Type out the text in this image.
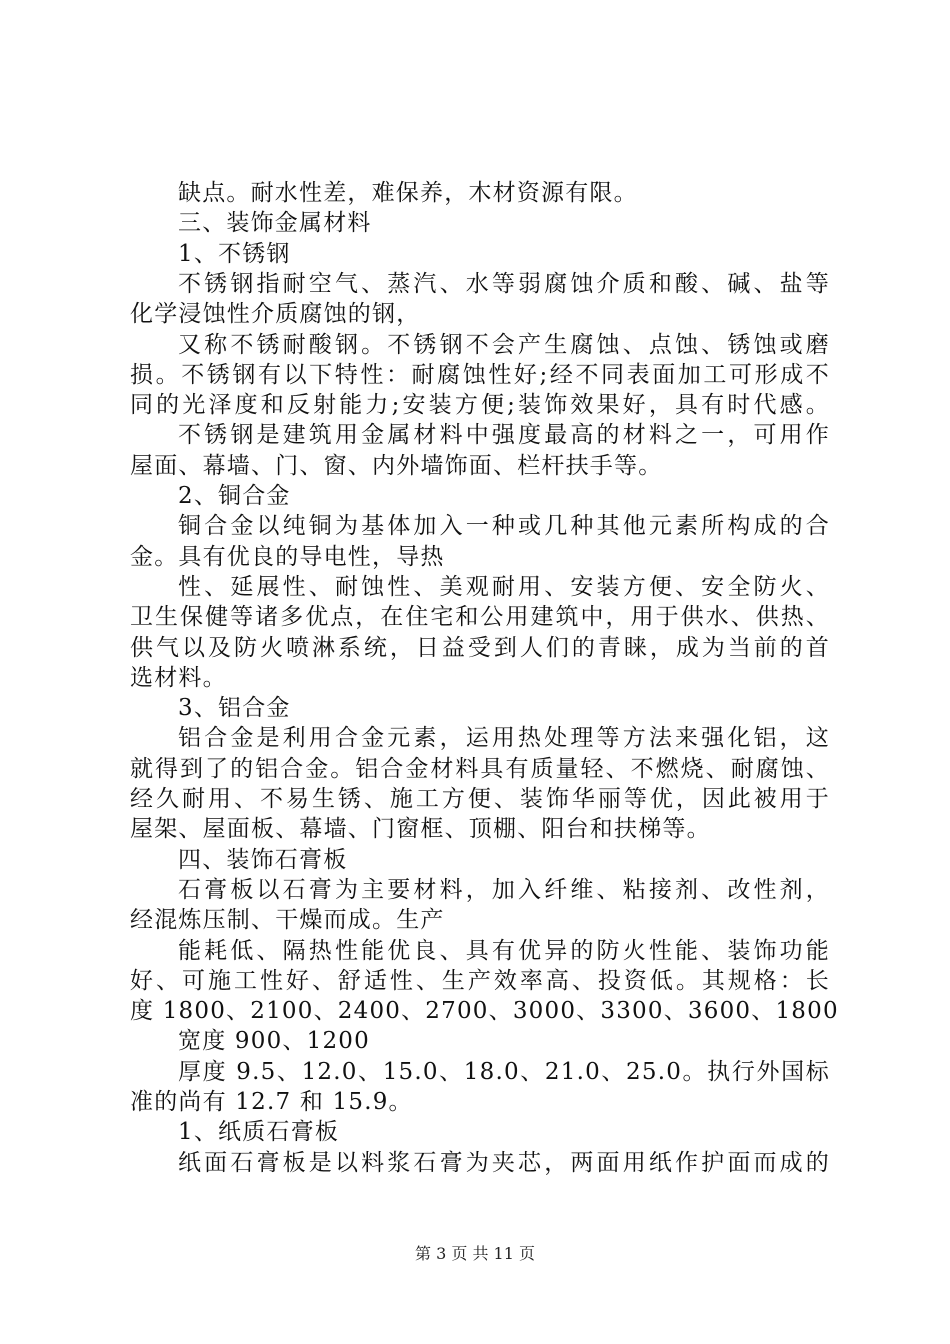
缺点。耐水性差，难保养，木材资源有限。
三、装饰金属材料
1、不锈钢
不锈钢指耐空气、蒸汽、水等弱腐蚀介质和酸、碱、盐等
化学浸蚀性介质腐蚀的钢，
又称不锈耐酸钢。不锈钢不会产生腐蚀、点蚀、锈蚀或磨
损。不锈钢有以下特性：耐腐蚀性好;经不同表面加工可形成不
同的光泽度和反射能力;安装方便;装饰效果好，具有时代感。
不锈钢是建筑用金属材料中强度最高的材料之一，可用作
屋面、幕墙、门、窗、内外墙饰面、栏杆扶手等。
2、铜合金
铜合金以纯铜为基体加入一种或几种其他元素所构成的合
金。具有优良的导电性，导热
性、延展性、耐蚀性、美观耐用、安装方便、安全防火、
卫生保健等诸多优点，在住宅和公用建筑中，用于供水、供热、
供气以及防火喷淋系统，日益受到人们的青睐，成为当前的首
选材料。
3、铝合金
铝合金是利用合金元素，运用热处理等方法来强化铝，这
就得到了的铝合金。铝合金材料具有质量轻、不燃烧、耐腐蚀、
经久耐用、不易生锈、施工方便、装饰华丽等优，因此被用于
屋架、屋面板、幕墙、门窗框、顶棚、阳台和扶梯等。
四、装饰石膏板
石膏板以石膏为主要材料，加入纤维、粘接剂、改性剂，
经混炼压制、干燥而成。生产
能耗低、隔热性能优良、具有优异的防火性能、装饰功能
好、可施工性好、舒适性、生产效率高、投资低。其规格：长
度 1800、2100、2400、2700、3000、3300、3600、1800
宽度 900、1200
厚度 9.5、12.0、15.0、18.0、21.0、25.0。执行外国标
准的尚有 12.7 和 15.9。
1、纸质石膏板
纸面石膏板是以料浆石膏为夹芯，两面用纸作护面而成的
第 3 页 共 11 页
